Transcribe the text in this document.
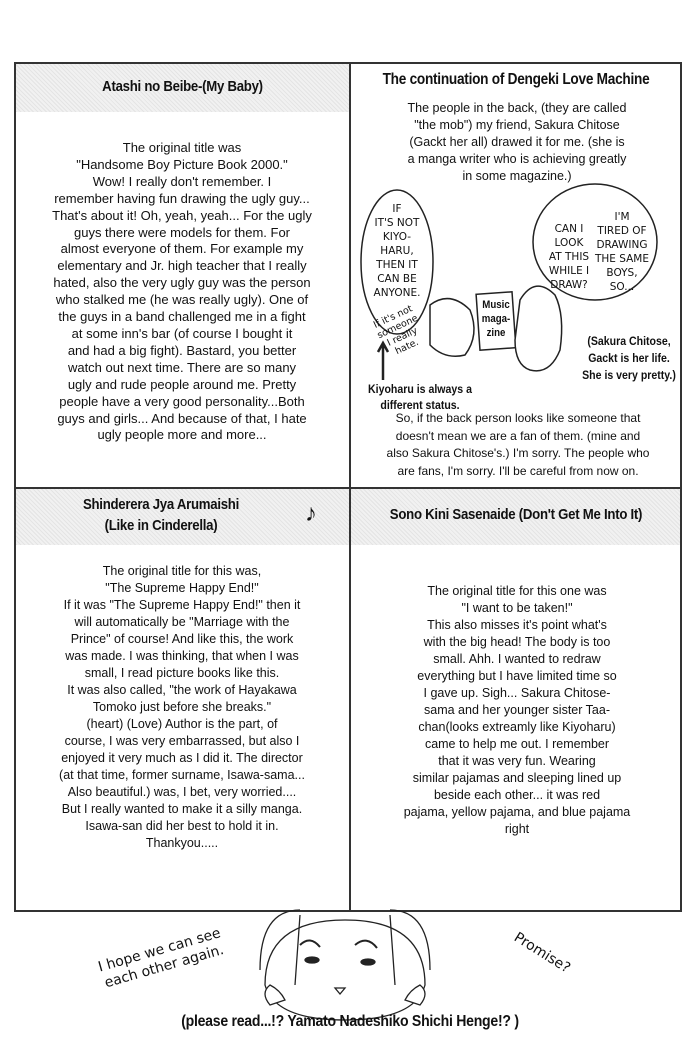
Atashi no Beibe-(My Baby)
The original title was
"Handsome Boy Picture Book 2000."
Wow! I really don't remember. I
remember having fun drawing the ugly guy...
That's about it! Oh, yeah, yeah... For the ugly
guys there were models for them. For
almost everyone of them. For example my
elementary and Jr. high teacher that I really
hated, also the very ugly guy was the person
who stalked me (he was really ugly). One of
the guys in a band challenged me in a fight
at some inn's bar (of course I bought it
and had a big fight). Bastard, you better
watch out next time. There are so many
ugly and rude people around me. Pretty
people have a very good personality...Both
guys and girls... And because of that, I hate
ugly people more and more...
The continuation of Dengeki Love Machine
The people in the back, (they are called
"the mob") my friend, Sakura Chitose
(Gackt her all) drawed it for me. (she is
a manga writer who is achieving greatly
in some magazine.)
IF
IT'S NOT
KIYO-
HARU,
THEN IT
CAN BE
ANYONE.
If it's not
someone
I really
hate.
Music
maga-
zine
CAN I
LOOK
AT THIS
WHILE I
DRAW?
I'M
TIRED OF
DRAWING
THE SAME
BOYS,
SO...
Kiyoharu is always a
different status.
(Sakura Chitose,
Gackt is her life.
She is very pretty.)
So, if the back person looks like someone that
doesn't mean we are a fan of them. (mine and
also Sakura Chitose's.) I'm sorry. The people who
are fans, I'm sorry. I'll be careful from now on.
Shinderera Jya Arumaishi
(Like in Cinderella)	♪
The original title for this was,
"The Supreme Happy End!"
If it was "The Supreme Happy End!" then it
will automatically be "Marriage with the
Prince" of course! And like this, the work
was made. I was thinking, that when I was
small, I read picture books like this.
It was also called, "the work of Hayakawa
Tomoko just before she breaks."
(heart) (Love) Author is the part, of
course, I was very embarrassed, but also I
enjoyed it very much as I did it. The director
(at that time, former surname, Isawa-sama...
Also beautiful.) was, I bet, very worried....
But I really wanted to make it a silly manga.
Isawa-san did her best to hold it in.
Thankyou.....
Sono Kini Sasenaide (Don't Get Me Into It)
The original title for this one was
"I want to be taken!"
This also misses it's point what's
with the big head! The body is too
small. Ahh. I wanted to redraw
everything but I have limited time so
I gave up. Sigh... Sakura Chitose-
sama and her younger sister Taa-
chan(looks extreamly like Kiyoharu)
came to help me out. I remember
that it was very fun. Wearing
similar pajamas and sleeping lined up
beside each other... it was red
pajama, yellow pajama, and blue pajama
right
I hope we can see
each other again.	Promise?
(please read...!? Yamato Nadeshiko Shichi Henge!? )
